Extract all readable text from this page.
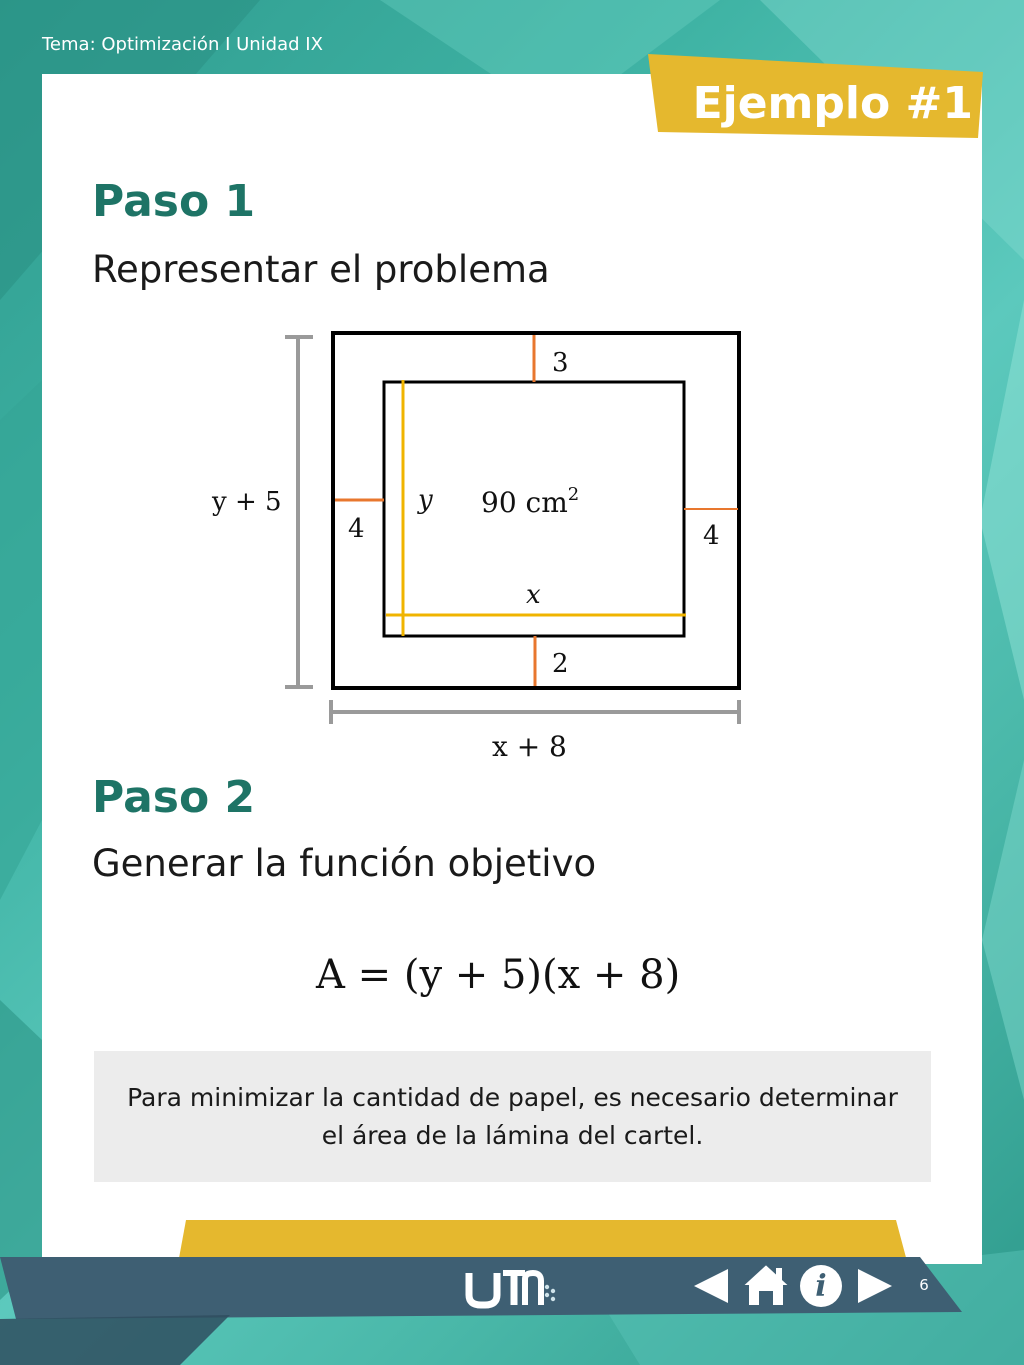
Tema: Optimización I Unidad IX
Ejemplo #1
Paso 1
Representar el problema
3
2
4	4
y
x
90 $cm^2$
y + 5
x + 8
Paso 2
Generar la función objetivo
A = (y + 5)(x + 8)
Para minimizar la cantidad de papel, es necesario determinar el área de la lámina del cartel.
i	6
